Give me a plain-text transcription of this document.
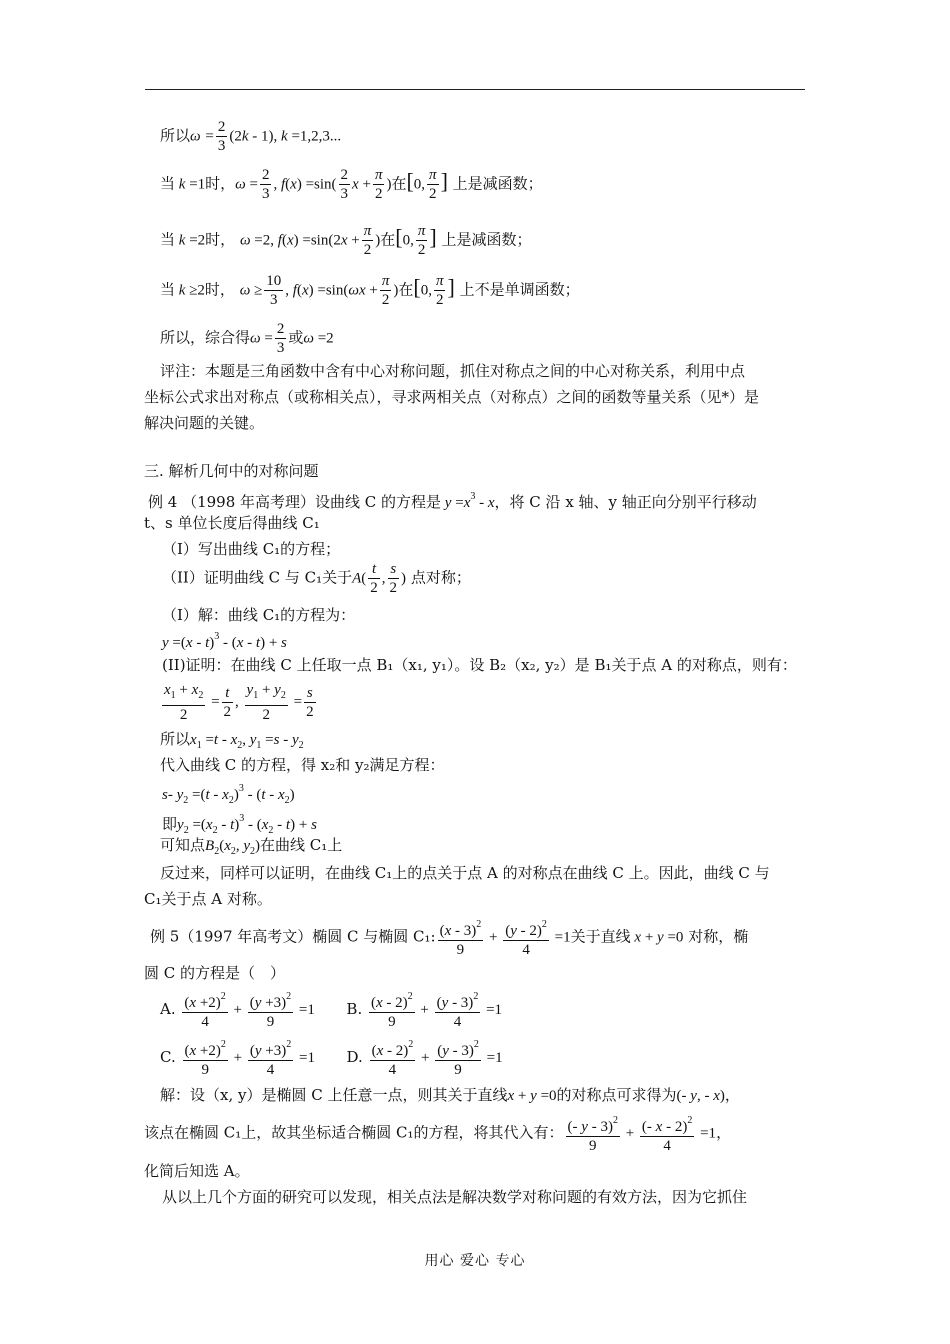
所以$\omega = \frac{2}{3} (2k - 1)$, k =1,2,3...
当 k =1时，$\omega = \frac{2}{3}$ , $f(x) =\sin( \frac{2}{3}$ $x + \frac{\pi}{2}$ )在[0, $\frac{\pi}{2}$ ] 上是减函数；
当 k =2时， ω =2, $f(x) =\sin(2x + \frac{\pi}{2}$ )在[0, $\frac{\pi}{2}$ ] 上是减函数；
当 k ≥2时， $\omega \ge \frac{10}{3}$ , $f(x) =\sin(\omega x + \frac{\pi}{2}$ )在[0, $\frac{\pi}{2}$ ] 上不是单调函数；
所以，综合得$\omega = \frac{2}{3}$ 或ω =2
评注：本题是三角函数中含有中心对称问题，抓住对称点之间的中心对称关系，利用中点
坐标公式求出对称点（或称相关点），寻求两相关点（对称点）之间的函数等量关系（见*）是
解决问题的关键。
三. 解析几何中的对称问题
例 4 （1998 年高考理）设曲线 C 的方程是 $y =x^3 - x$，将 C 沿 x 轴、y 轴正向分别平行移动
t、s 单位长度后得曲线 C₁
（I）写出曲线 C₁的方程；
（II）证明曲线 C 与 C₁关于$A( \frac{t}{2}$ , $\frac{s}{2}$ ) 点对称；
（I）解：曲线 C₁的方程为：
y =(x - t)$^3$ - (x - t) + s
(II)证明：在曲线 C 上任取一点 B₁（x₁, y₁）。设 B₂（x₂, y₂）是 B₁关于点 A 的对称点，则有：
$\frac{x_1 + x_2}{2} = \frac{t}{2}$ , $\frac{y_1 + y_2}{2} = \frac{s}{2}$
所以$x_1 =t - x_2$, $y_1 =s - y_2$
代入曲线 C 的方程，得 x₂和 y₂满足方程：
s- $y_2 =(t - x_2)^3 - (t - x_2)$
即$y_2 =(x_2 - t)^3 - (x_2 - t) + s$
可知点$B_2(x_2$, $y_2$)在曲线 C₁上
反过来，同样可以证明，在曲线 C₁上的点关于点 A 的对称点在曲线 C 上。因此，曲线 C 与
C₁关于点 A 对称。
例 5（1997 年高考文）椭圆 C 与椭圆 C₁: $\frac{(x - 3)^2}{9} + \frac{(y - 2)^2}{4} =1$关于直线 x + y =0 对称，椭
圆 C 的方程是（　）
A. $\frac{(x +2)^2}{4} + \frac{(y +3)^2}{9} =1$ B. $\frac{(x - 2)^2}{9} + \frac{(y - 3)^2}{4} =1$
C. $\frac{(x +2)^2}{9} + \frac{(y +3)^2}{4} =1$ D. $\frac{(x - 2)^2}{4} + \frac{(y - 3)^2}{9} =1$
解：设（x, y）是椭圆 C 上任意一点，则其关于直线x + y =0的对称点可求得为(- y, - x)，
该点在椭圆 C₁上，故其坐标适合椭圆 C₁的方程，将其代入有： $\frac{(- y - 3)^2}{9} + \frac{(- x - 2)^2}{4} =1$，
化简后知选 A。
从以上几个方面的研究可以发现，相关点法是解决数学对称问题的有效方法，因为它抓住
用心 爱心 专心
